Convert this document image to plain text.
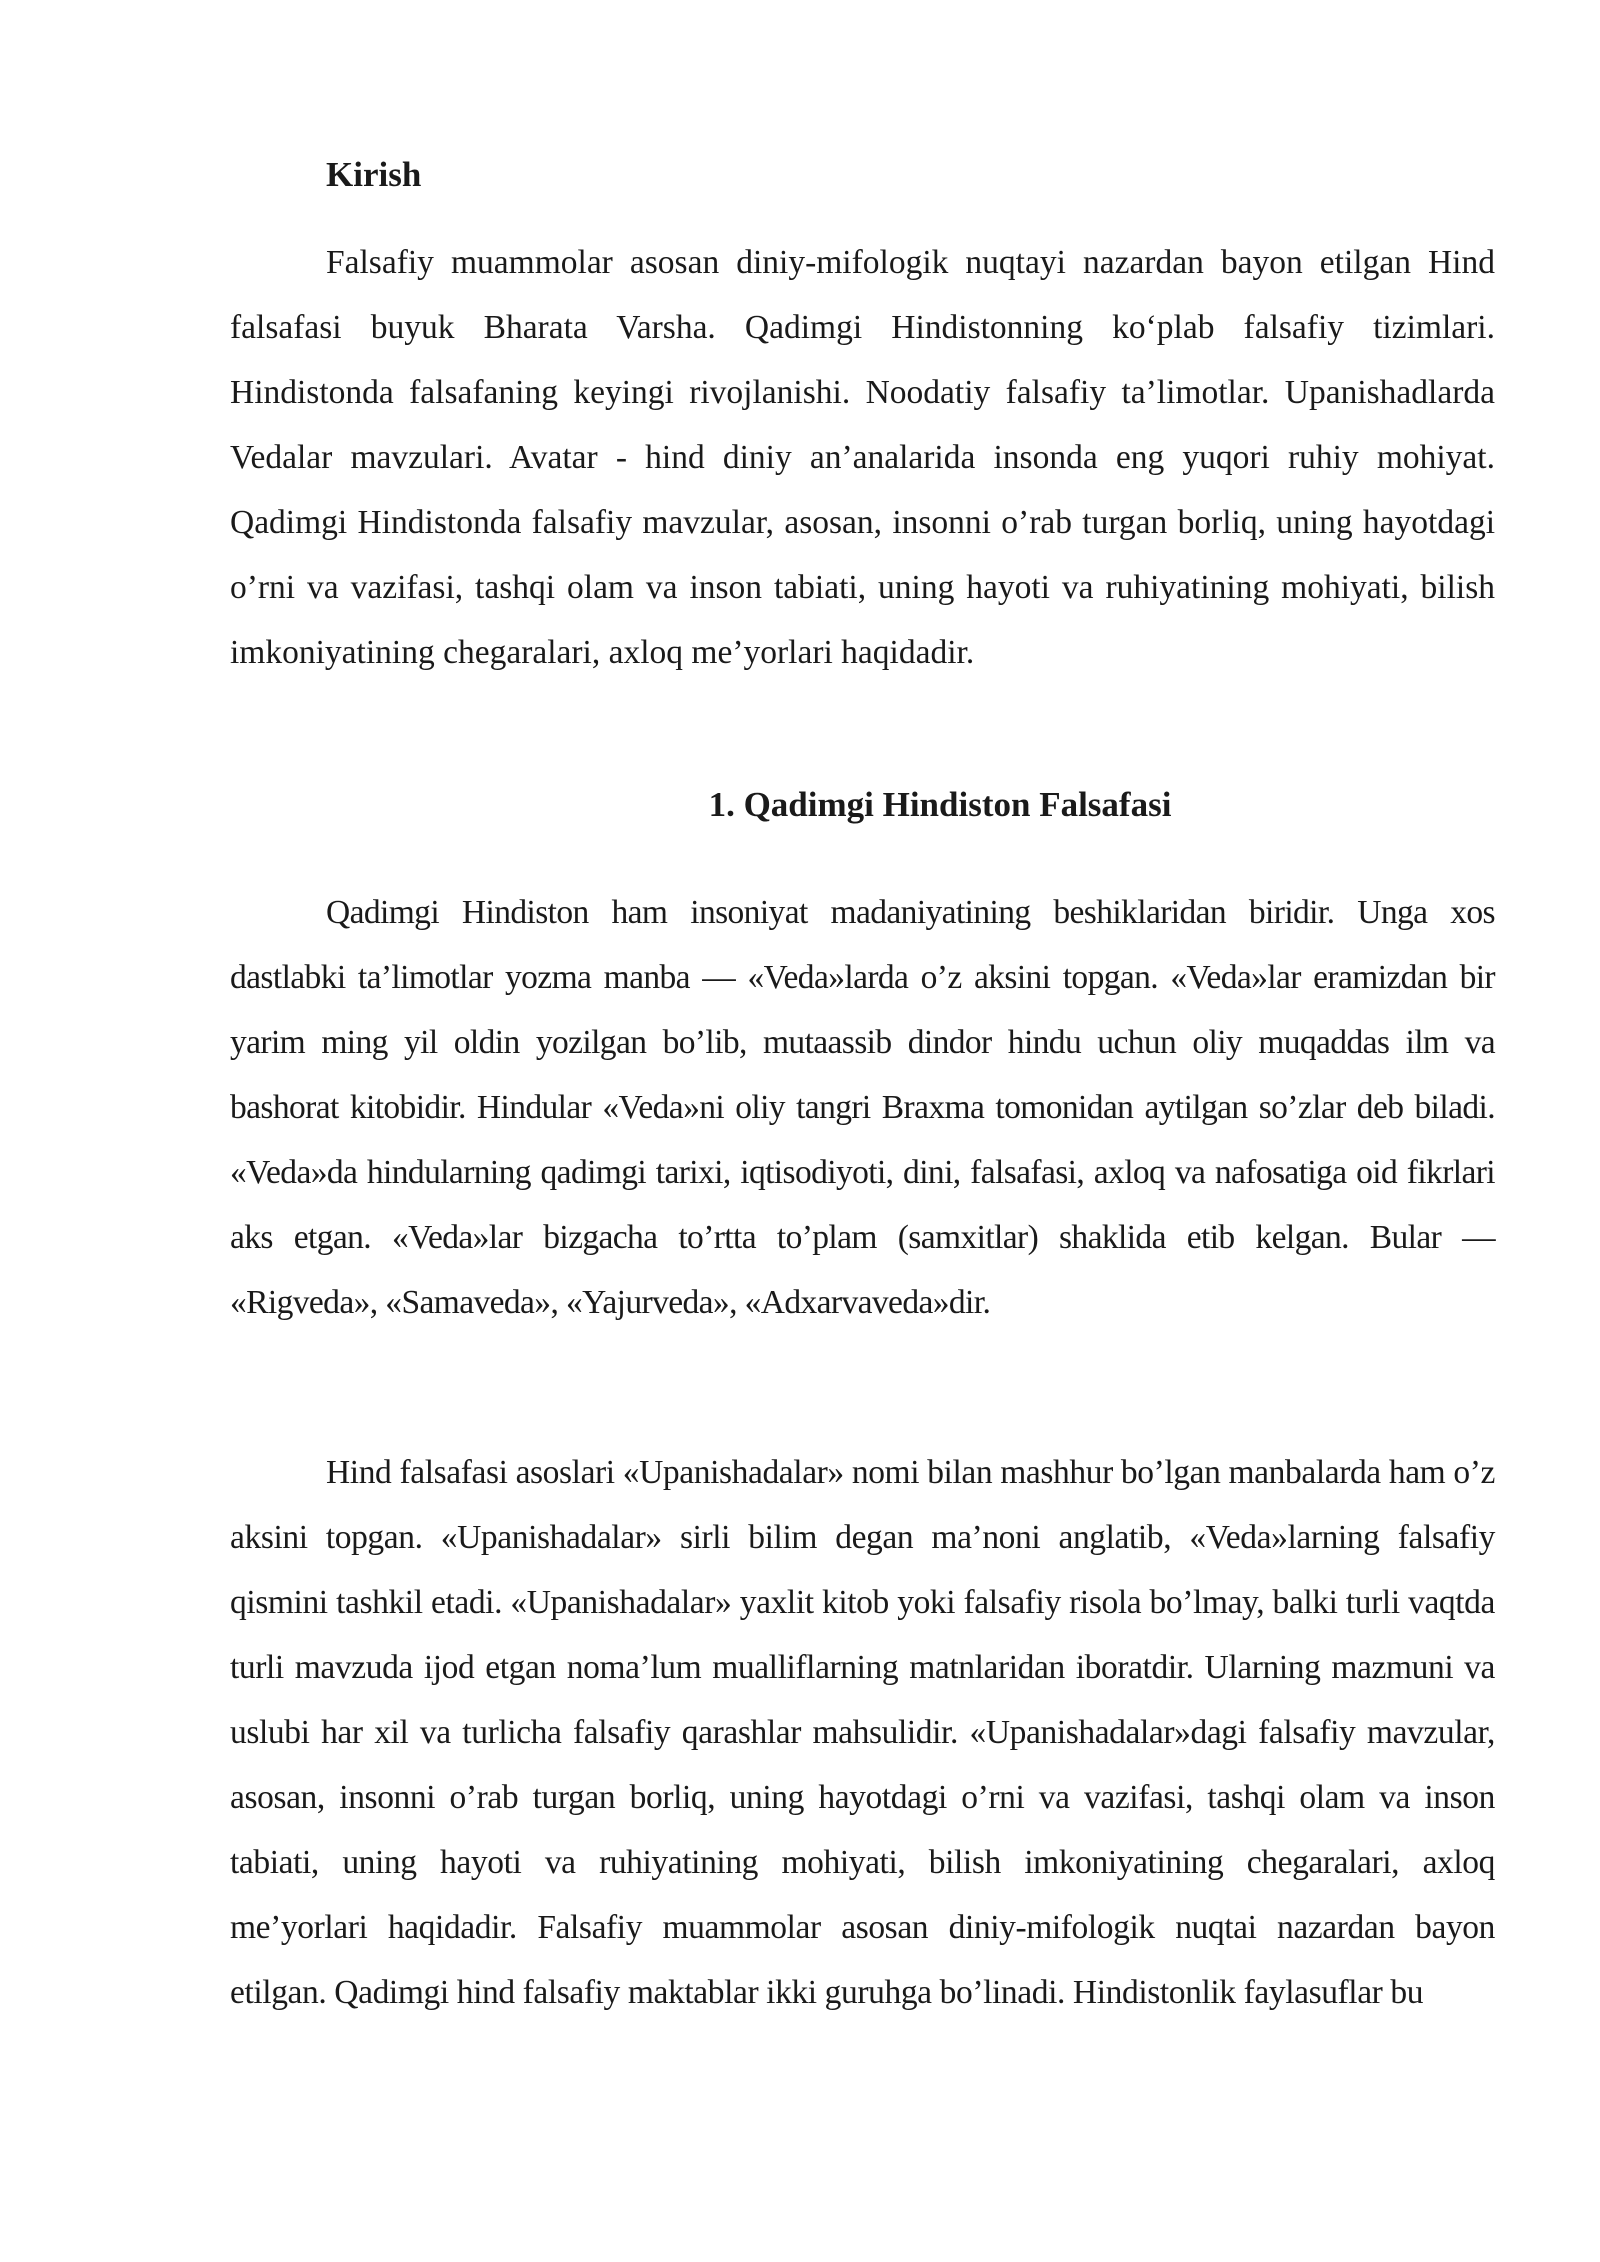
Kirish

Falsafiy muammolar asosan diniy-mifologik nuqtayi nazardan bayon etilgan Hind falsafasi buyuk Bharata Varsha. Qadimgi Hindistonning ko‘plab falsafiy tizimlari. Hindistonda falsafaning keyingi rivojlanishi. Noodatiy falsafiy ta’limotlar. Upanishadlarda Vedalar mavzulari. Avatar - hind diniy an’analarida insonda eng yuqori ruhiy mohiyat. Qadimgi Hindistonda falsafiy mavzular, asosan, insonni o’rab turgan borliq, uning hayotdagi o’rni va vazifasi, tashqi olam va inson tabiati, uning hayoti va ruhiyatining mohiyati, bilish imkoniyatining chegaralari, axloq me’yorlari haqidadir.

1. Qadimgi Hindiston Falsafasi

Qadimgi Hindiston ham insoniyat madaniyatining beshiklaridan biridir. Unga xos dastlabki ta’limotlar yozma manba — «Veda»larda o’z aksini topgan. «Veda»lar eramizdan bir yarim ming yil oldin yozilgan bo’lib, mutaassib dindor hindu uchun oliy muqaddas ilm va bashorat kitobidir. Hindular «Veda»ni oliy tangri Braxma tomonidan aytilgan so’zlar deb biladi. «Veda»da hindularning qadimgi tarixi, iqtisodiyoti, dini, falsafasi, axloq va nafosatiga oid fikrlari aks etgan. «Veda»lar bizgacha to’rtta to’plam (samxitlar) shaklida etib kelgan. Bular — «Rigveda», «Samaveda», «Yajurveda», «Adxarvaveda»dir.

Hind falsafasi asoslari «Upanishadalar» nomi bilan mashhur bo’lgan manbalarda ham o’z aksini topgan. «Upanishadalar» sirli bilim degan ma’noni anglatib, «Veda»larning falsafiy qismini tashkil etadi. «Upanishadalar» yaxlit kitob yoki falsafiy risola bo’lmay, balki turli vaqtda turli mavzuda ijod etgan noma’lum mualliflarning matnlaridan iboratdir. Ularning mazmuni va uslubi har xil va turlicha falsafiy qarashlar mahsulidir. «Upanishadalar»dagi falsafiy mavzular, asosan, insonni o’rab turgan borliq, uning hayotdagi o’rni va vazifasi, tashqi olam va inson tabiati, uning hayoti va ruhiyatining mohiyati, bilish imkoniyatining chegaralari, axloq me’yorlari haqidadir. Falsafiy muammolar asosan diniy-mifologik nuqtai nazardan bayon etilgan. Qadimgi hind falsafiy maktablar ikki guruhga bo’linadi. Hindistonlik faylasuflar bu
